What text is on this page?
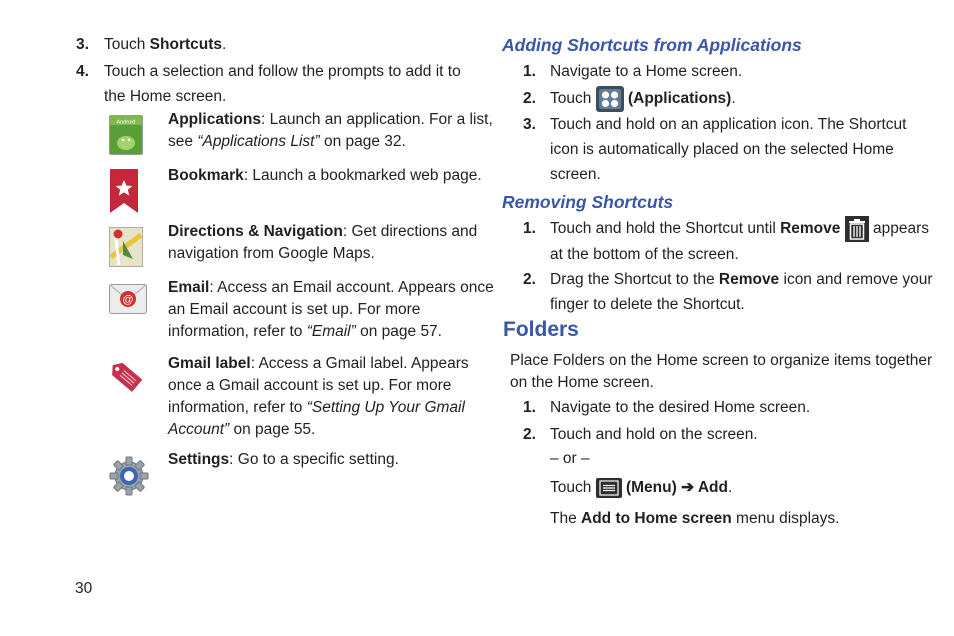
3. Touch Shortcuts.
4. Touch a selection and follow the prompts to add it to
the Home screen.
Android Applications: Launch an application. For a list,
see “Applications List” on page 32.
Bookmark: Launch a bookmarked web page.
Directions & Navigation: Get directions and
navigation from Google Maps.
@
Email: Access an Email account. Appears once
an Email account is set up. For more
information, refer to “Email” on page 57.
Gmail label: Access a Gmail label. Appears
once a Gmail account is set up. For more
information, refer to “Setting Up Your Gmail
Account” on page 55.
Settings: Go to a specific setting.
30
Adding Shortcuts from Applications
1. Navigate to a Home screen.
2. Touch  (Applications).
3. Touch and hold on an application icon. The Shortcut
icon is automatically placed on the selected Home
screen.
Removing Shortcuts
1. Touch and hold the Shortcut until Remove  appears
at the bottom of the screen.
2. Drag the Shortcut to the Remove icon and remove your
finger to delete the Shortcut.
Folders
Place Folders on the Home screen to organize items together
on the Home screen.
1. Navigate to the desired Home screen.
2. Touch and hold on the screen.
– or –
Touch  (Menu) ➔ Add.
The Add to Home screen menu displays.
